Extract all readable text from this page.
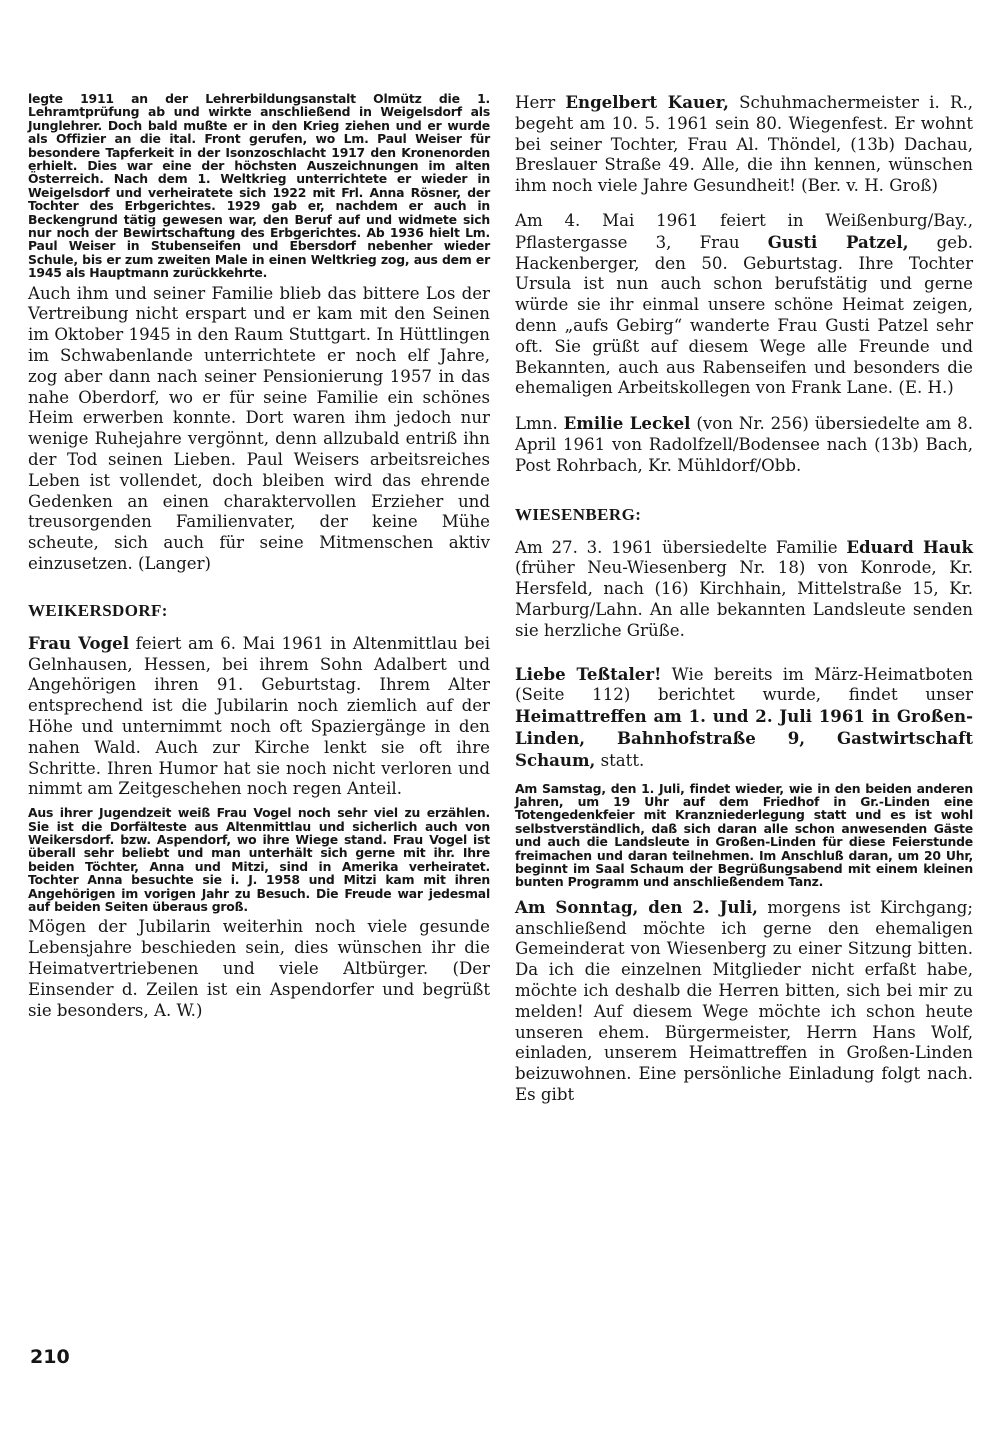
legte 1911 an der Lehrerbildungsanstalt Olmütz die 1. Lehramtprüfung ab und wirkte anschließend in Weigelsdorf als Junglehrer. Doch bald mußte er in den Krieg ziehen und er wurde als Offizier an die ital. Front gerufen, wo Lm. Paul Weiser für besondere Tapferkeit in der Isonzoschlacht 1917 den Kronenorden erhielt. Dies war eine der höchsten Auszeichnungen im alten Österreich. Nach dem 1. Weltkrieg unterrichtete er wieder in Weigelsdorf und verheiratete sich 1922 mit Frl. Anna Rösner, der Tochter des Erbgerichtes. 1929 gab er, nachdem er auch in Beckengrund tätig gewesen war, den Beruf auf und widmete sich nur noch der Bewirtschaftung des Erbgerichtes. Ab 1936 hielt Lm. Paul Weiser in Stubenseifen und Ebersdorf nebenher wieder Schule, bis er zum zweiten Male in einen Weltkrieg zog, aus dem er 1945 als Hauptmann zurückkehrte.

Auch ihm und seiner Familie blieb das bittere Los der Vertreibung nicht erspart und er kam mit den Seinen im Oktober 1945 in den Raum Stuttgart. In Hüttlingen im Schwabenlande unterrichtete er noch elf Jahre, zog aber dann nach seiner Pensionierung 1957 in das nahe Oberdorf, wo er für seine Familie ein schönes Heim erwerben konnte. Dort waren ihm jedoch nur wenige Ruhejahre vergönnt, denn allzubald entriß ihn der Tod seinen Lieben. Paul Weisers arbeitsreiches Leben ist vollendet, doch bleiben wird das ehrende Gedenken an einen charaktervollen Erzieher und treusorgenden Familienvater, der keine Mühe scheute, sich auch für seine Mitmenschen aktiv einzusetzen. (Langer)

WEIKERSDORF:

Frau Vogel feiert am 6. Mai 1961 in Altenmittlau bei Gelnhausen, Hessen, bei ihrem Sohn Adalbert und Angehörigen ihren 91. Geburtstag. Ihrem Alter entsprechend ist die Jubilarin noch ziemlich auf der Höhe und unternimmt noch oft Spaziergänge in den nahen Wald. Auch zur Kirche lenkt sie oft ihre Schritte. Ihren Humor hat sie noch nicht verloren und nimmt am Zeitgeschehen noch regen Anteil.

Aus ihrer Jugendzeit weiß Frau Vogel noch sehr viel zu erzählen. Sie ist die Dorfälteste aus Altenmittlau und sicherlich auch von Weikersdorf. bzw. Aspendorf, wo ihre Wiege stand. Frau Vogel ist überall sehr beliebt und man unterhält sich gerne mit ihr. Ihre beiden Töchter, Anna und Mitzi, sind in Amerika verheiratet. Tochter Anna besuchte sie i. J. 1958 und Mitzi kam mit ihren Angehörigen im vorigen Jahr zu Besuch. Die Freude war jedesmal auf beiden Seiten überaus groß.

Mögen der Jubilarin weiterhin noch viele gesunde Lebensjahre beschieden sein, dies wünschen ihr die Heimatvertriebenen und viele Altbürger. (Der Einsender d. Zeilen ist ein Aspendorfer und begrüßt sie besonders, A. W.)

Herr Engelbert Kauer, Schuhmachermeister i. R., begeht am 10. 5. 1961 sein 80. Wiegenfest. Er wohnt bei seiner Tochter, Frau Al. Thöndel, (13b) Dachau, Breslauer Straße 49. Alle, die ihn kennen, wünschen ihm noch viele Jahre Gesundheit! (Ber. v. H. Groß)

Am 4. Mai 1961 feiert in Weißenburg/Bay., Pflastergasse 3, Frau Gusti Patzel, geb. Hackenberger, den 50. Geburtstag. Ihre Tochter Ursula ist nun auch schon berufstätig und gerne würde sie ihr einmal unsere schöne Heimat zeigen, denn „aufs Gebirg“ wanderte Frau Gusti Patzel sehr oft. Sie grüßt auf diesem Wege alle Freunde und Bekannten, auch aus Rabenseifen und besonders die ehemaligen Arbeitskollegen von Frank Lane. (E. H.)

Lmn. Emilie Leckel (von Nr. 256) übersiedelte am 8. April 1961 von Radolfzell/Bodensee nach (13b) Bach, Post Rohrbach, Kr. Mühldorf/Obb.

WIESENBERG:

Am 27. 3. 1961 übersiedelte Familie Eduard Hauk (früher Neu-Wiesenberg Nr. 18) von Konrode, Kr. Hersfeld, nach (16) Kirchhain, Mittelstraße 15, Kr. Marburg/Lahn. An alle bekannten Landsleute senden sie herzliche Grüße.

Liebe Teßtaler! Wie bereits im März-Heimatboten (Seite 112) berichtet wurde, findet unser Heimattreffen am 1. und 2. Juli 1961 in Großen-Linden, Bahnhofstraße 9, Gastwirtschaft Schaum, statt.

Am Samstag, den 1. Juli, findet wieder, wie in den beiden anderen Jahren, um 19 Uhr auf dem Friedhof in Gr.-Linden eine Totengedenkfeier mit Kranzniederlegung statt und es ist wohl selbstverständlich, daß sich daran alle schon anwesenden Gäste und auch die Landsleute in Großen-Linden für diese Feierstunde freimachen und daran teilnehmen. Im Anschluß daran, um 20 Uhr, beginnt im Saal Schaum der Begrüßungsabend mit einem kleinen bunten Programm und anschließendem Tanz.

Am Sonntag, den 2. Juli, morgens ist Kirchgang; anschließend möchte ich gerne den ehemaligen Gemeinderat von Wiesenberg zu einer Sitzung bitten. Da ich die einzelnen Mitglieder nicht erfaßt habe, möchte ich deshalb die Herren bitten, sich bei mir zu melden! Auf diesem Wege möchte ich schon heute unseren ehem. Bürgermeister, Herrn Hans Wolf, einladen, unserem Heimattreffen in Großen-Linden beizuwohnen. Eine persönliche Einladung folgt nach. Es gibt

210
